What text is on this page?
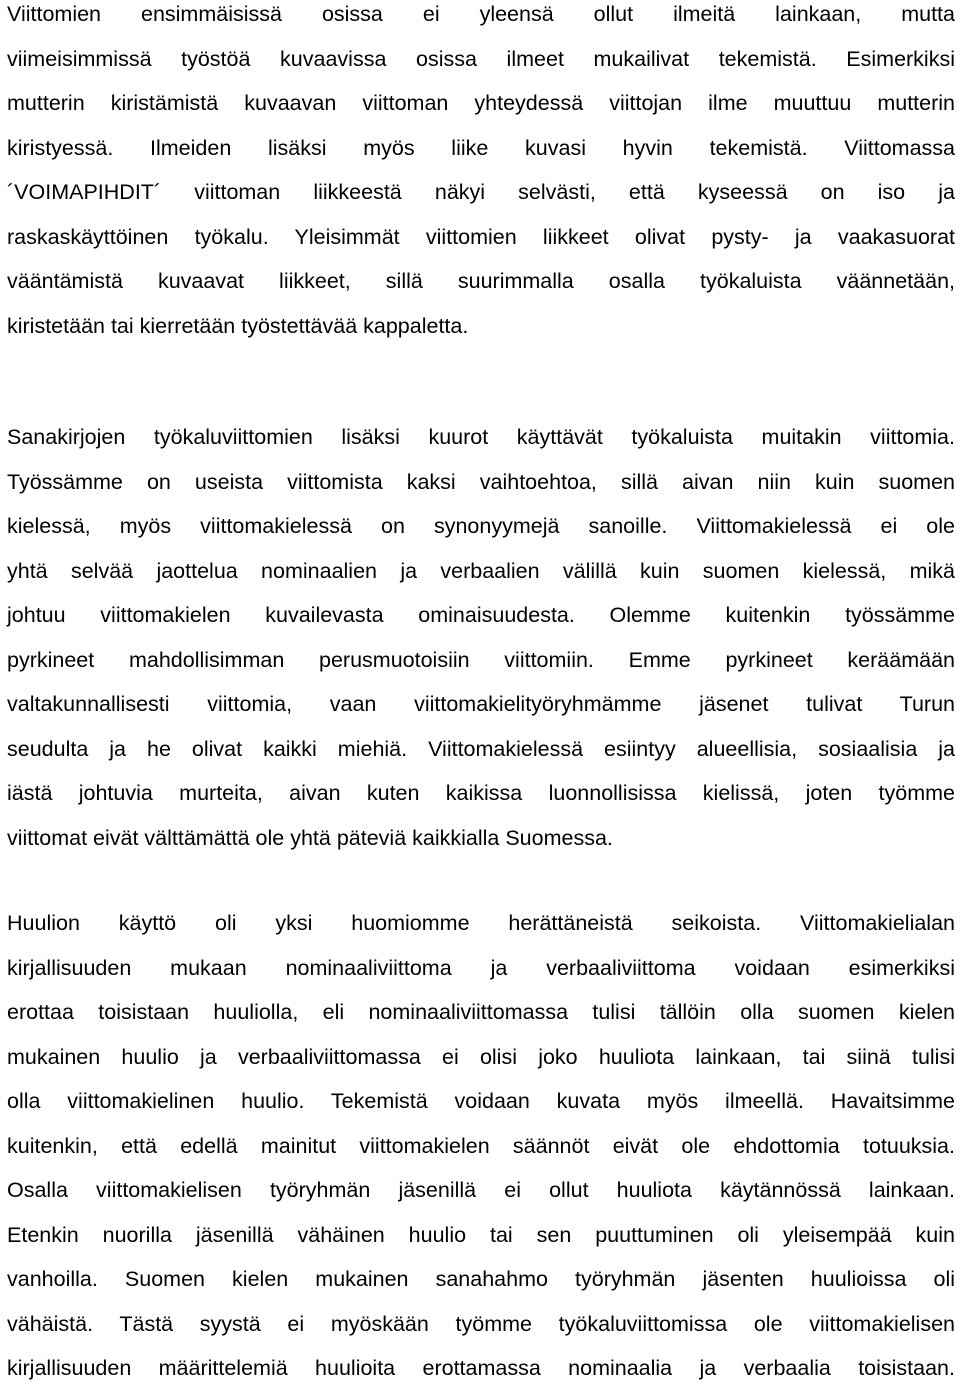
Viittomien ensimmäisissä osissa ei yleensä ollut ilmeitä lainkaan, mutta
viimeisimmissä työstöä kuvaavissa osissa ilmeet mukailivat tekemistä. Esimerkiksi
mutterin kiristämistä kuvaavan viittoman yhteydessä viittojan ilme muuttuu mutterin
kiristyessä. Ilmeiden lisäksi myös liike kuvasi hyvin tekemistä. Viittomassa
´VOIMAPIHDIT´ viittoman liikkeestä näkyi selvästi, että kyseessä on iso ja
raskaskäyttöinen työkalu. Yleisimmät viittomien liikkeet olivat pysty- ja vaakasuorat
vääntämistä kuvaavat liikkeet, sillä suurimmalla osalla työkaluista väännetään,
kiristetään tai kierretään työstettävää kappaletta.

Sanakirjojen työkaluviittomien lisäksi kuurot käyttävät työkaluista muitakin viittomia.
Työssämme on useista viittomista kaksi vaihtoehtoa, sillä aivan niin kuin suomen
kielessä, myös viittomakielessä on synonyymejä sanoille. Viittomakielessä ei ole
yhtä selvää jaottelua nominaalien ja verbaalien välillä kuin suomen kielessä, mikä
johtuu viittomakielen kuvailevasta ominaisuudesta. Olemme kuitenkin työssämme
pyrkineet mahdollisimman perusmuotoisiin viittomiin. Emme pyrkineet keräämään
valtakunnallisesti viittomia, vaan viittomakielityöryhmämme jäsenet tulivat Turun
seudulta ja he olivat kaikki miehiä. Viittomakielessä esiintyy alueellisia, sosiaalisia ja
iästä johtuvia murteita, aivan kuten kaikissa luonnollisissa kielissä, joten työmme
viittomat eivät välttämättä ole yhtä päteviä kaikkialla Suomessa.

Huulion käyttö oli yksi huomiomme herättäneistä seikoista. Viittomakielialan
kirjallisuuden mukaan nominaaliviittoma ja verbaaliviittoma voidaan esimerkiksi
erottaa toisistaan huuliolla, eli nominaaliviittomassa tulisi tällöin olla suomen kielen
mukainen huulio ja verbaaliviittomassa ei olisi joko huuliota lainkaan, tai siinä tulisi
olla viittomakielinen huulio. Tekemistä voidaan kuvata myös ilmeellä. Havaitsimme
kuitenkin, että edellä mainitut viittomakielen säännöt eivät ole ehdottomia totuuksia.
Osalla viittomakielisen työryhmän jäsenillä ei ollut huuliota käytännössä lainkaan.
Etenkin nuorilla jäsenillä vähäinen huulio tai sen puuttuminen oli yleisempää kuin
vanhoilla. Suomen kielen mukainen sanahahmo työryhmän jäsenten huulioissa oli
vähäistä. Tästä syystä ei myöskään työmme työkaluviittomissa ole viittomakielisen
kirjallisuuden määrittelemiä huulioita erottamassa nominaalia ja verbaalia toisistaan.
